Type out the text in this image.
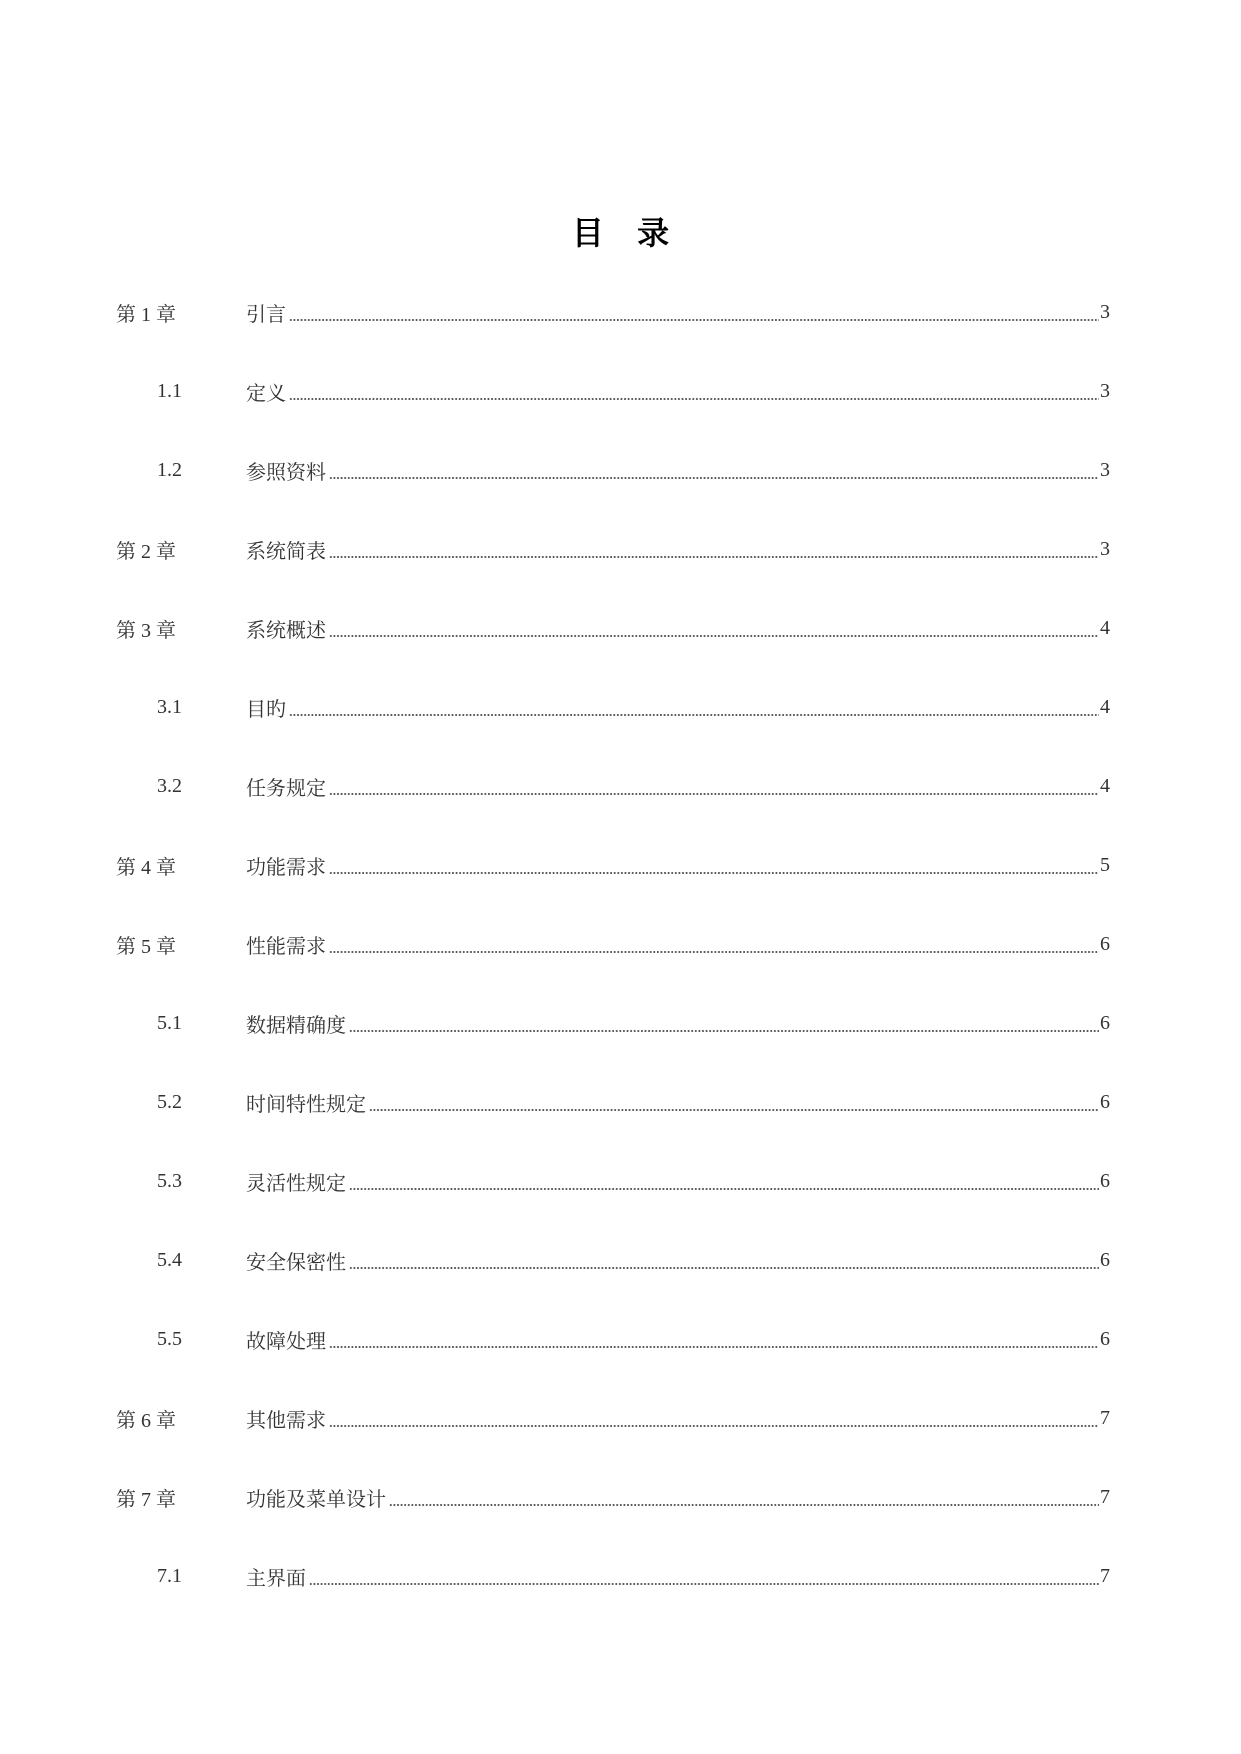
目 录
第 1 章	引言	3
1.1	定义	3
1.2	参照资料	3
第 2 章	系统简表	3
第 3 章	系统概述	4
3.1	目旳	4
3.2	任务规定	4
第 4 章	功能需求	5
第 5 章	性能需求	6
5.1	数据精确度	6
5.2	时间特性规定	6
5.3	灵活性规定	6
5.4	安全保密性	6
5.5	故障处理	6
第 6 章	其他需求	7
第 7 章	功能及菜单设计	7
7.1	主界面	7
